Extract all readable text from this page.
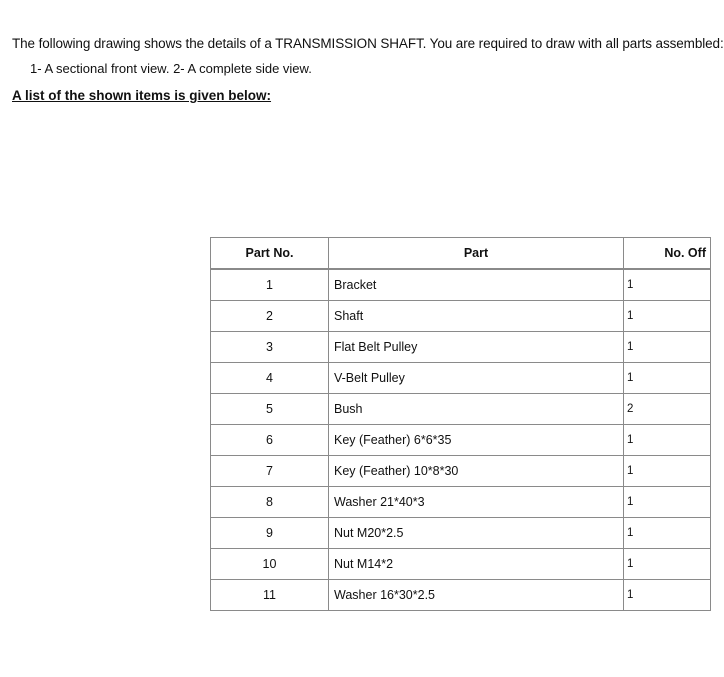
The following drawing shows the details of a TRANSMISSION SHAFT. You are required to draw with all parts assembled:
1- A sectional front view. 2- A complete side view.
A list of the shown items is given below:
Part No.	Part	No. Off
1	Bracket	1
2	Shaft	1
3	Flat Belt Pulley	1
4	V-Belt Pulley	1
5	Bush	2
6	Key (Feather) 6*6*35	1
7	Key (Feather) 10*8*30	1
8	Washer 21*40*3	1
9	Nut M20*2.5	1
10	Nut M14*2	1
11	Washer 16*30*2.5	1
